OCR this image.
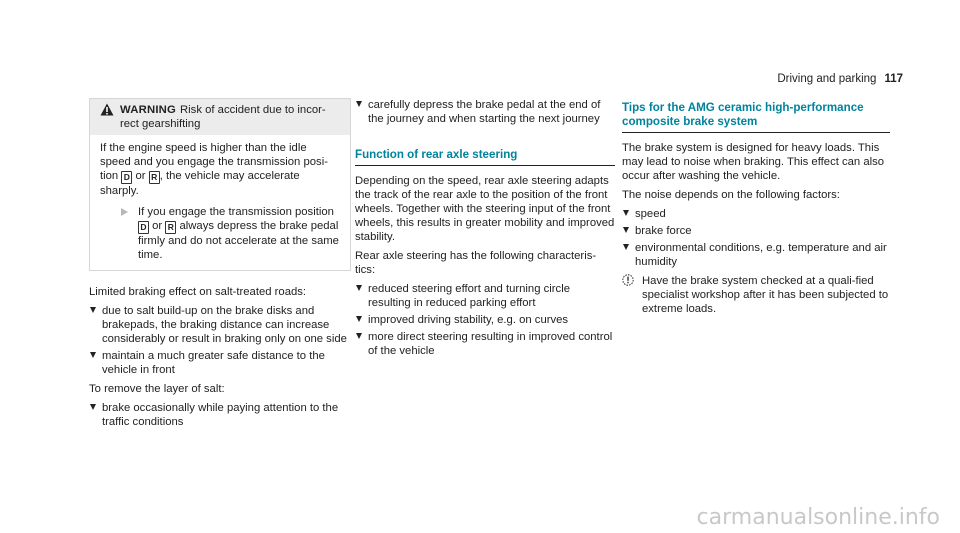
Driving and parking 117
WARNING Risk of accident due to incor-rect gearshifting
If the engine speed is higher than the idle speed and you engage the transmission posi-tion D or R , the vehicle may accelerate sharply.
If you engage the transmission position D or R always depress the brake pedal firmly and do not accelerate at the same time.

Limited braking effect on salt-treated roads:

due to salt build-up on the brake disks and brakepads, the braking distance can increase considerably or result in braking only on one side
maintain a much greater safe distance to the vehicle in front

To remove the layer of salt:

brake occasionally while paying attention to the traffic conditions
carefully depress the brake pedal at the end of the journey and when starting the next journey
Function of rear axle steering

Depending on the speed, rear axle steering adapts the track of the rear axle to the position of the front wheels. Together with the steering input of the front wheels, this results in greater mobility and improved stability.

Rear axle steering has the following characteris-tics:

reduced steering effort and turning circle resulting in reduced parking effort
improved driving stability, e.g. on curves
more direct steering resulting in improved control of the vehicle
Tips for the AMG ceramic high-performance composite brake system

The brake system is designed for heavy loads. This may lead to noise when braking. This effect can also occur after washing the vehicle.

The noise depends on the following factors:

speed
brake force
environmental conditions, e.g. temperature and air humidity
Have the brake system checked at a quali-fied specialist workshop after it has been subjected to extreme loads.
carmanualsonline.info
